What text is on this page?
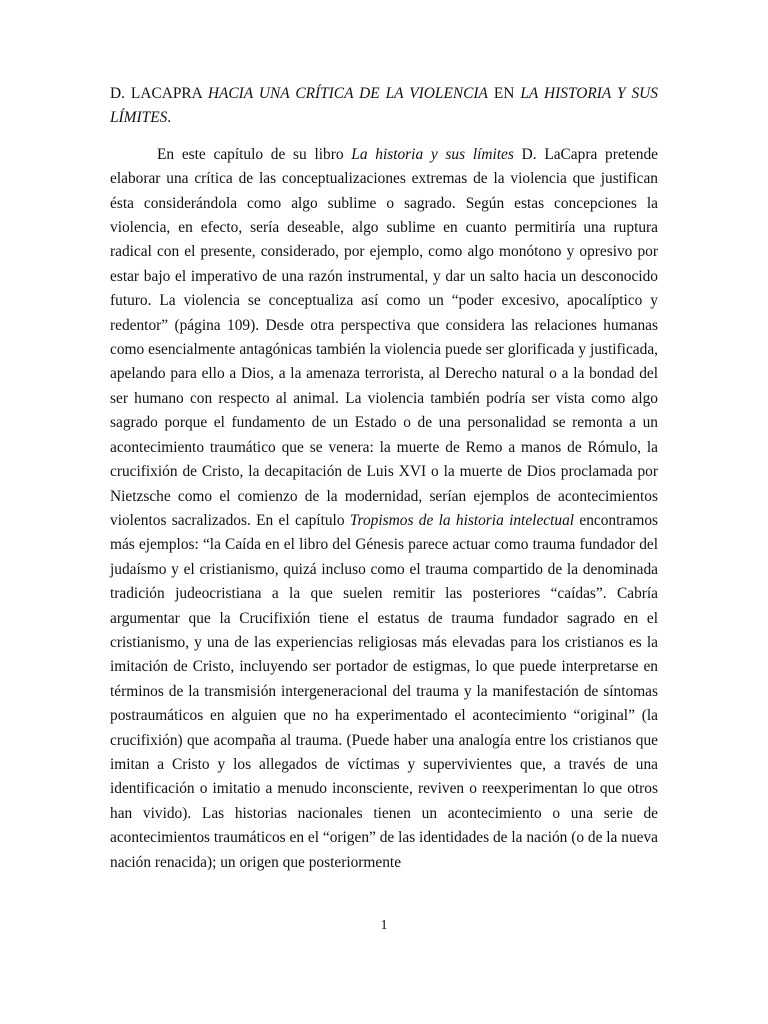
D. LACAPRA HACIA UNA CRÍTICA DE LA VIOLENCIA EN LA HISTORIA Y SUS LÍMITES.

En este capítulo de su libro La historia y sus límites D. LaCapra pretende elaborar una crítica de las conceptualizaciones extremas de la violencia que justifican ésta considerándola como algo sublime o sagrado. Según estas concepciones la violencia, en efecto, sería deseable, algo sublime en cuanto permitiría una ruptura radical con el presente, considerado, por ejemplo, como algo monótono y opresivo por estar bajo el imperativo de una razón instrumental, y dar un salto hacia un desconocido futuro. La violencia se conceptualiza así como un “poder excesivo, apocalíptico y redentor” (página 109). Desde otra perspectiva que considera las relaciones humanas como esencialmente antagónicas también la violencia puede ser glorificada y justificada, apelando para ello a Dios, a la amenaza terrorista, al Derecho natural o a la bondad del ser humano con respecto al animal. La violencia también podría ser vista como algo sagrado porque el fundamento de un Estado o de una personalidad se remonta a un acontecimiento traumático que se venera: la muerte de Remo a manos de Rómulo, la crucifixión de Cristo, la decapitación de Luis XVI o la muerte de Dios proclamada por Nietzsche como el comienzo de la modernidad, serían ejemplos de acontecimientos violentos sacralizados. En el capítulo Tropismos de la historia intelectual encontramos más ejemplos: “la Caída en el libro del Génesis parece actuar como trauma fundador del judaísmo y el cristianismo, quizá incluso como el trauma compartido de la denominada tradición judeocristiana a la que suelen remitir las posteriores “caídas”. Cabría argumentar que la Crucifixión tiene el estatus de trauma fundador sagrado en el cristianismo, y una de las experiencias religiosas más elevadas para los cristianos es la imitación de Cristo, incluyendo ser portador de estigmas, lo que puede interpretarse en términos de la transmisión intergeneracional del trauma y la manifestación de síntomas postraumáticos en alguien que no ha experimentado el acontecimiento “original” (la crucifixión) que acompaña al trauma. (Puede haber una analogía entre los cristianos que imitan a Cristo y los allegados de víctimas y supervivientes que, a través de una identificación o imitatio a menudo inconsciente, reviven o reexperimentan lo que otros han vivido). Las historias nacionales tienen un acontecimiento o una serie de acontecimientos traumáticos en el “origen” de las identidades de la nación (o de la nueva nación renacida); un origen que posteriormente

1
